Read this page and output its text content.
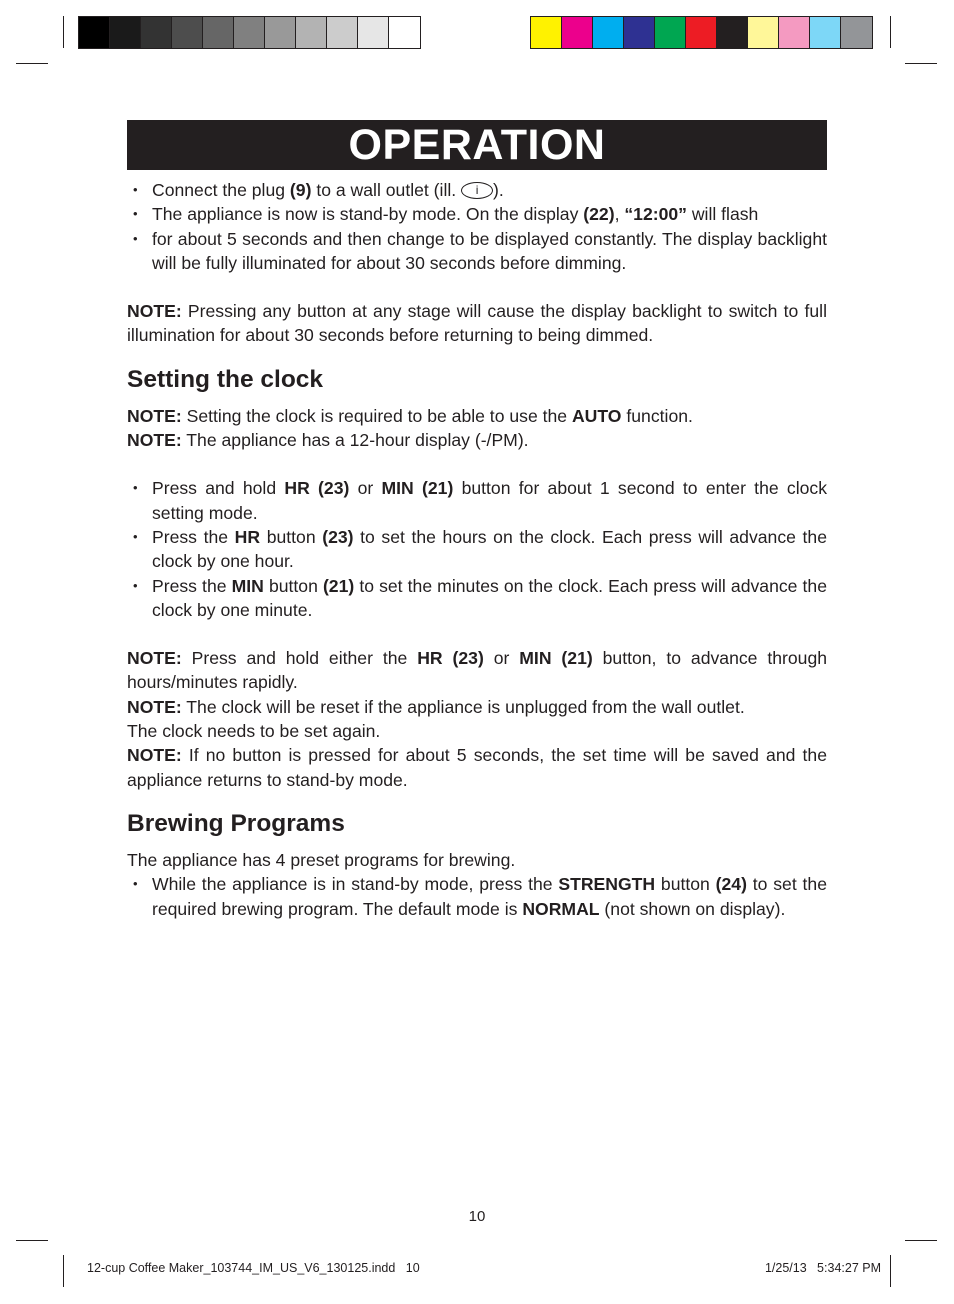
OPERATION
• Connect the plug (9) to a wall outlet (ill. i ).
• The appliance is now is stand-by mode. On the display (22), “12:00” will flash
• for about 5 seconds and then change to be displayed constantly. The display backlight will be fully illuminated for about 30 seconds before dimming.

NOTE: Pressing any button at any stage will cause the display backlight to switch to full illumination for about 30 seconds before returning to being dimmed.

Setting the clock

NOTE: Setting the clock is required to be able to use the AUTO function.

NOTE: The appliance has a 12-hour display (-/PM).

• Press and hold HR (23) or MIN (21) button for about 1 second to enter the clock setting mode.
• Press the HR button (23) to set the hours on the clock. Each press will advance the clock by one hour.
• Press the MIN button (21) to set the minutes on the clock. Each press will advance the clock by one minute.

NOTE: Press and hold either the HR (23) or MIN (21) button, to advance through hours/minutes rapidly.

NOTE: The clock will be reset if the appliance is unplugged from the wall outlet.

The clock needs to be set again.

NOTE: If no button is pressed for about 5 seconds, the set time will be saved and the appliance returns to stand-by mode.

Brewing Programs

The appliance has 4 preset programs for brewing.

• While the appliance is in stand-by mode, press the STRENGTH button (24) to set the required brewing program. The default mode is NORMAL (not shown on display).
10
12-cup Coffee Maker_103744_IM_US_V6_130125.indd   10	1/25/13   5:34:27 PM
